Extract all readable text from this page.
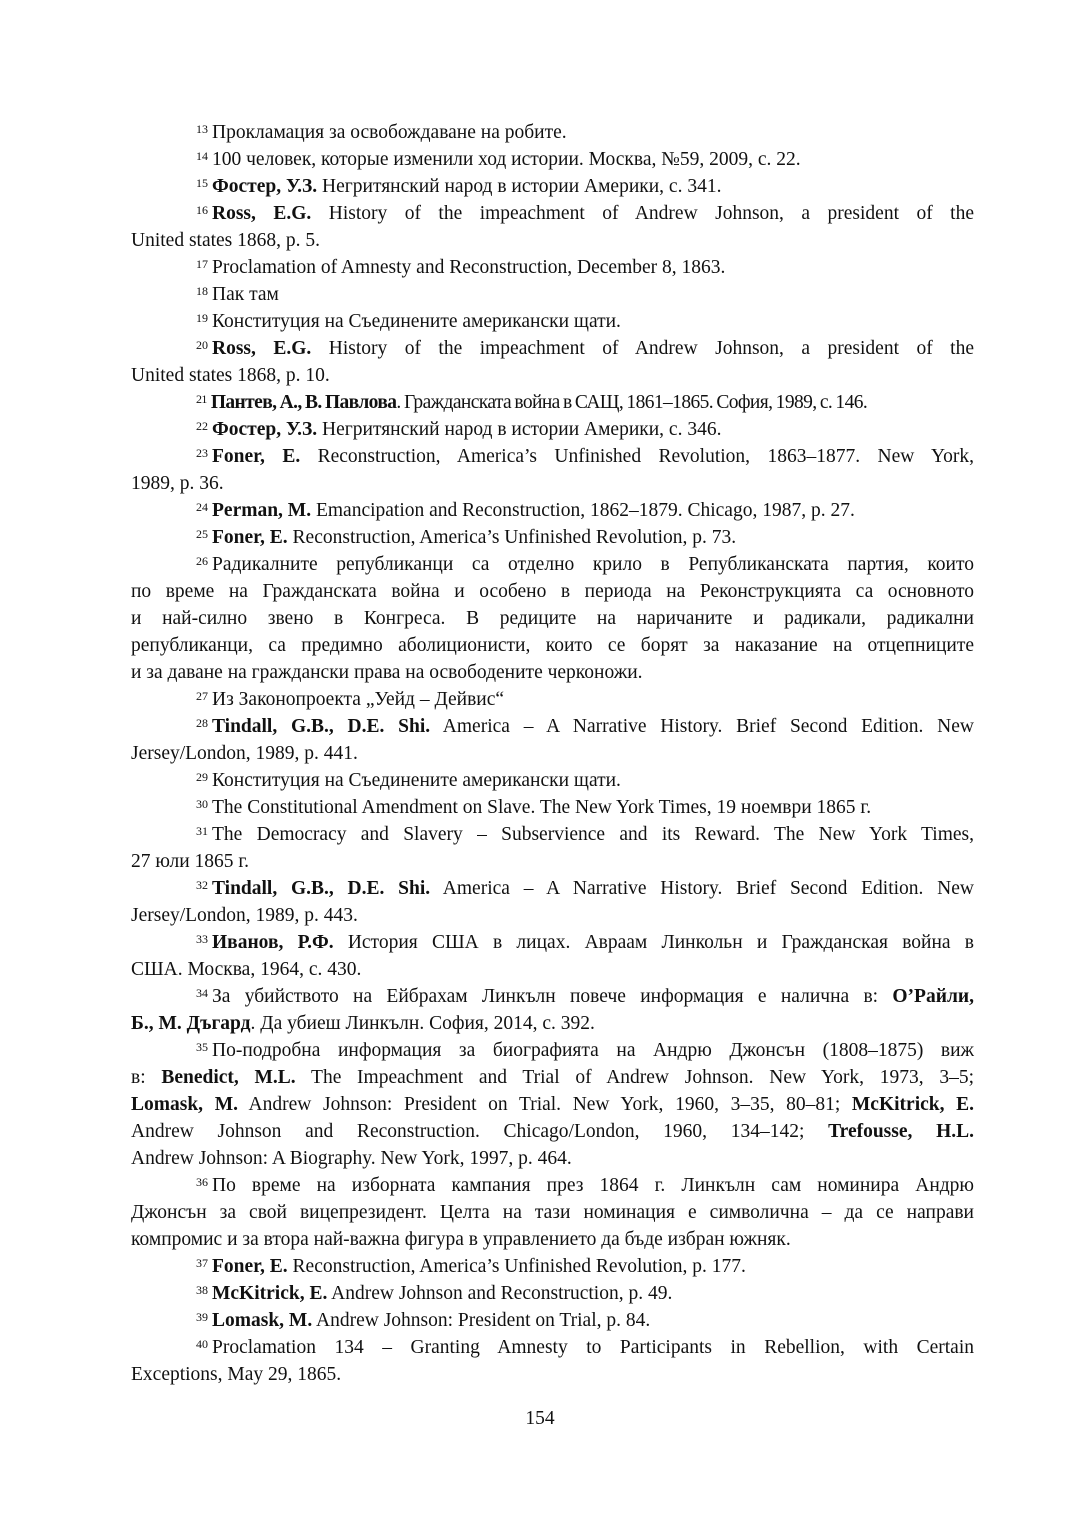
$^{13}$ Прокламация за освобождаване на робите.
$^{14}$ 100 человек, которые изменили ход истории. Москва, №59, 2009, с. 22.
$^{15}$ Фостер, У.З. Негритянский народ в истории Америки, с. 341.
$^{16}$ Ross, E.G. History of the impeachment of Andrew Johnson, a president of the
United states 1868, p. 5.
$^{17}$ Proclamation of Amnesty and Reconstruction, December 8, 1863.
$^{18}$ Пак там
$^{19}$ Конституция на Съединените американски щати.
$^{20}$ Ross, E.G. History of the impeachment of Andrew Johnson, a president of the
United states 1868, p. 10.
$^{21}$ Пантев, А., В. Павлова. Гражданската война в САЩ, 1861–1865. София, 1989, с. 146.
$^{22}$ Фостер, У.З. Негритянский народ в истории Америки, с. 346.
$^{23}$ Foner, E. Reconstruction, America’s Unfinished Revolution, 1863–1877. New York,
1989, p. 36.
$^{24}$ Perman, M. Emancipation and Reconstruction, 1862–1879. Chicago, 1987, p. 27.
$^{25}$ Foner, E. Reconstruction, America’s Unfinished Revolution, p. 73.
$^{26}$ Радикалните републиканци са отделно крило в Републиканската партия, които
по време на Гражданската война и особено в периода на Реконструкцията са основното
и най-силно звено в Конгреса. В редиците на наричаните и радикали, радикални
републиканци, са предимно аболиционисти, които се борят за наказание на отцепниците
и за даване на граждански права на освободените черконожи.
$^{27}$ Из Законопроекта „Уейд – Дейвис“
$^{28}$ Tindall, G.B., D.E. Shi. America – A Narrative History. Brief Second Edition. New
Jersey/London, 1989, p. 441.
$^{29}$ Конституция на Съединените американски щати.
$^{30}$ The Constitutional Amendment on Slave. The New York Times, 19 ноември 1865 г.
$^{31}$ The Democracy and Slavery – Subservience and its Reward. The New York Times,
27 юли 1865 г.
$^{32}$ Tindall, G.B., D.E. Shi. America – A Narrative History. Brief Second Edition. New
Jersey/London, 1989, p. 443.
$^{33}$ Иванов, Р.Ф. История США в лицах. Авраам Линкольн и Гражданская война в
США. Москва, 1964, с. 430.
$^{34}$ За убийството на Ейбрахам Линкълн повече информация е налична в: О’Райли,
Б., М. Дъгард. Да убиеш Линкълн. София, 2014, с. 392.
$^{35}$ По-подробна информация за биографията на Андрю Джонсън (1808–1875) виж
в: Benedict, M.L. The Impeachment and Trial of Andrew Johnson. New York, 1973, 3–5;
Lomask, M. Andrew Johnson: President on Trial. New York, 1960, 3–35, 80–81; McKitrick, E.
Andrew Johnson and Reconstruction. Chicago/London, 1960, 134–142; Trefousse, H.L.
Andrew Johnson: A Biography. New York, 1997, p. 464.
$^{36}$ По време на изборната кампания през 1864 г. Линкълн сам номинира Андрю
Джонсън за свой вицепрезидент. Целта на тази номинация е символична – да се направи
компромис и за втора най-важна фигура в управлението да бъде избран южняк.
$^{37}$ Foner, E. Reconstruction, America’s Unfinished Revolution, p. 177.
$^{38}$ McKitrick, E. Andrew Johnson and Reconstruction, p. 49.
$^{39}$ Lomask, M. Andrew Johnson: President on Trial, p. 84.
$^{40}$ Proclamation 134 – Granting Amnesty to Participants in Rebellion, with Certain
Exceptions, May 29, 1865.
154
